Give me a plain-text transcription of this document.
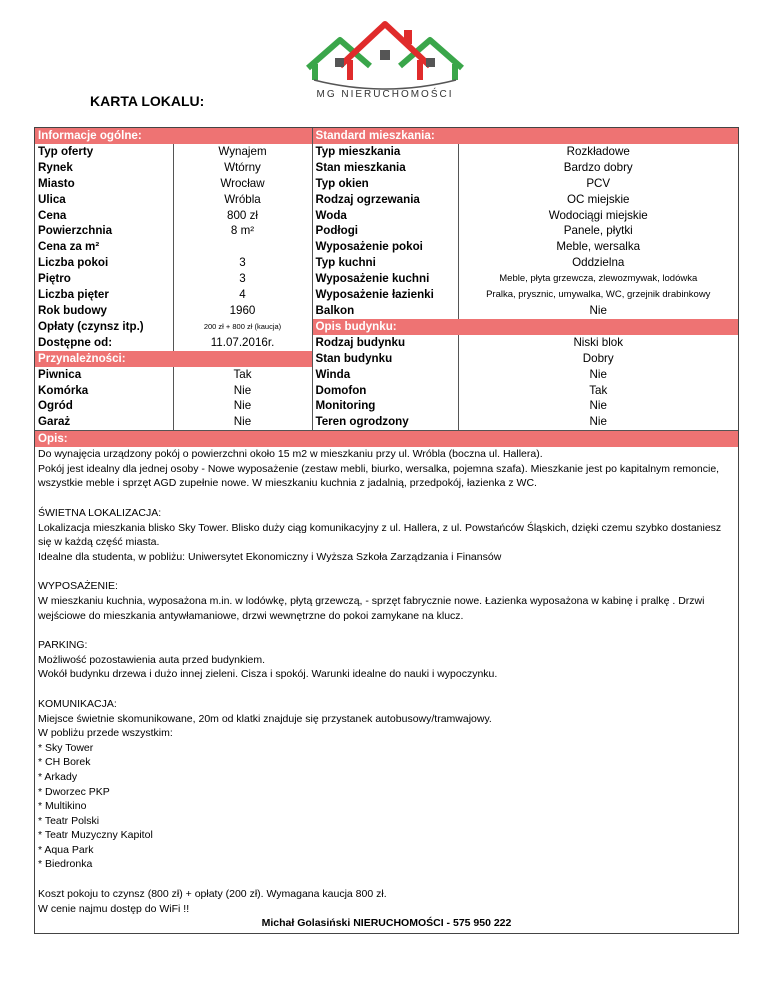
MG NIERUCHOMOŚCI
KARTA LOKALU:
Informacje ogólne:		Standard mieszkania:	
Typ oferty	Wynajem	Typ mieszkania	Rozkładowe
Rynek	Wtórny	Stan mieszkania	Bardzo dobry
Miasto	Wrocław	Typ okien	PCV
Ulica	Wróbla	Rodzaj ogrzewania	OC miejskie
Cena	800 zł	Woda	Wodociągi miejskie
Powierzchnia	8 m²	Podłogi	Panele, płytki
Cena za m²		Wyposażenie pokoi	Meble, wersalka
Liczba pokoi	3	Typ kuchni	Oddzielna
Piętro	3	Wyposażenie kuchni	Meble, płyta grzewcza, zlewozmywak, lodówka
Liczba pięter	4	Wyposażenie łazienki	Pralka, prysznic, umywalka, WC, grzejnik drabinkowy
Rok budowy	1960	Balkon	Nie
Opłaty (czynsz itp.)	200 zł + 800 zł (kaucja)	Opis budynku:	
Dostępne od:	11.07.2016r.	Rodzaj budynku	Niski blok
Przynależności:		Stan budynku	Dobry
Piwnica	Tak	Winda	Nie
Komórka	Nie	Domofon	Tak
Ogród	Nie	Monitoring	Nie
Garaż	Nie	Teren ogrodzony	Nie
Opis:

Do wynajęcia urządzony pokój o powierzchni około 15 m2 w mieszkaniu przy ul. Wróbla (boczna ul. Hallera).

Pokój jest idealny dla jednej osoby - Nowe wyposażenie (zestaw mebli, biurko, wersalka, pojemna szafa). Mieszkanie jest po kapitalnym remoncie, wszystkie meble i sprzęt AGD zupełnie nowe. W mieszkaniu kuchnia z jadalnią, przedpokój, łazienka z WC.

ŚWIETNA LOKALIZACJA:

Lokalizacja mieszkania blisko Sky Tower. Blisko duży ciąg komunikacyjny z ul. Hallera, z ul. Powstańców Śląskich, dzięki czemu szybko dostaniesz się w każdą część miasta.

Idealne dla studenta, w pobliżu: Uniwersytet Ekonomiczny i Wyższa Szkoła Zarządzania i Finansów

WYPOSAŻENIE:

W mieszkaniu kuchnia, wyposażona m.in. w lodówkę, płytą grzewczą, - sprzęt fabrycznie nowe. Łazienka wyposażona w kabinę i pralkę . Drzwi wejściowe do mieszkania antywłamaniowe, drzwi wewnętrzne do pokoi zamykane na klucz.

PARKING:

Możliwość pozostawienia auta przed budynkiem.

Wokół budynku drzewa i dużo innej zieleni. Cisza i spokój. Warunki idealne do nauki i wypoczynku.

KOMUNIKACJA:

Miejsce świetnie skomunikowane, 20m od klatki znajduje się przystanek autobusowy/tramwajowy.

W pobliżu przede wszystkim:

* Sky Tower

* CH Borek

* Arkady

* Dworzec PKP

* Multikino

* Teatr Polski

* Teatr Muzyczny Kapitol

* Aqua Park

* Biedronka

Koszt pokoju to czynsz (800 zł) + opłaty (200 zł). Wymagana kaucja 800 zł.

W cenie najmu dostęp do WiFi !!

Michał Golasiński NIERUCHOMOŚCI - 575 950 222
